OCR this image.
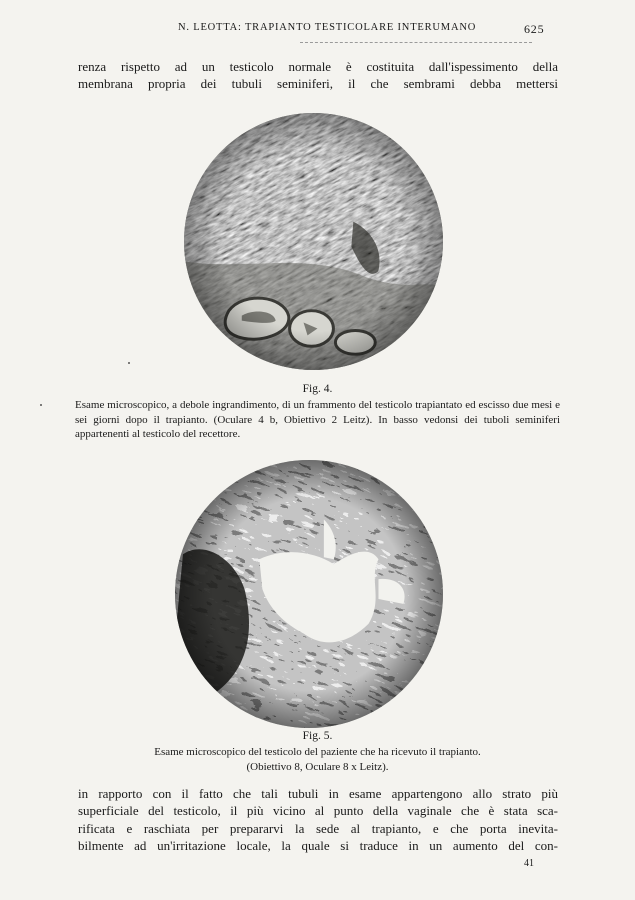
N. LEOTTA: TRAPIANTO TESTICOLARE INTERUMANO	625
renza rispetto ad un testicolo normale è costituita dall'ispessimento della
membrana propria dei tubuli seminiferi, il che sembrami debba mettersi
Fig. 4.
Esame microscopico, a debole ingrandimento, di un frammento del testicolo trapiantato ed escisso due mesi e sei giorni dopo il trapianto. (Oculare 4 b, Obiettivo 2 Leitz). In basso vedonsi dei tuboli seminiferi appartenenti al testicolo del recettore.
Fig. 5.
Esame microscopico del testicolo del paziente che ha ricevuto il trapianto.
(Obiettivo 8, Oculare 8 x Leitz).
in rapporto con il fatto che tali tubuli in esame appartengono allo strato più
superficiale del testicolo, il più vicino al punto della vaginale che è stata sca-
rificata e raschiata per prepararvi la sede al trapianto, e che porta inevita-
bilmente ad un'irritazione locale, la quale si traduce in un aumento del con-
41
